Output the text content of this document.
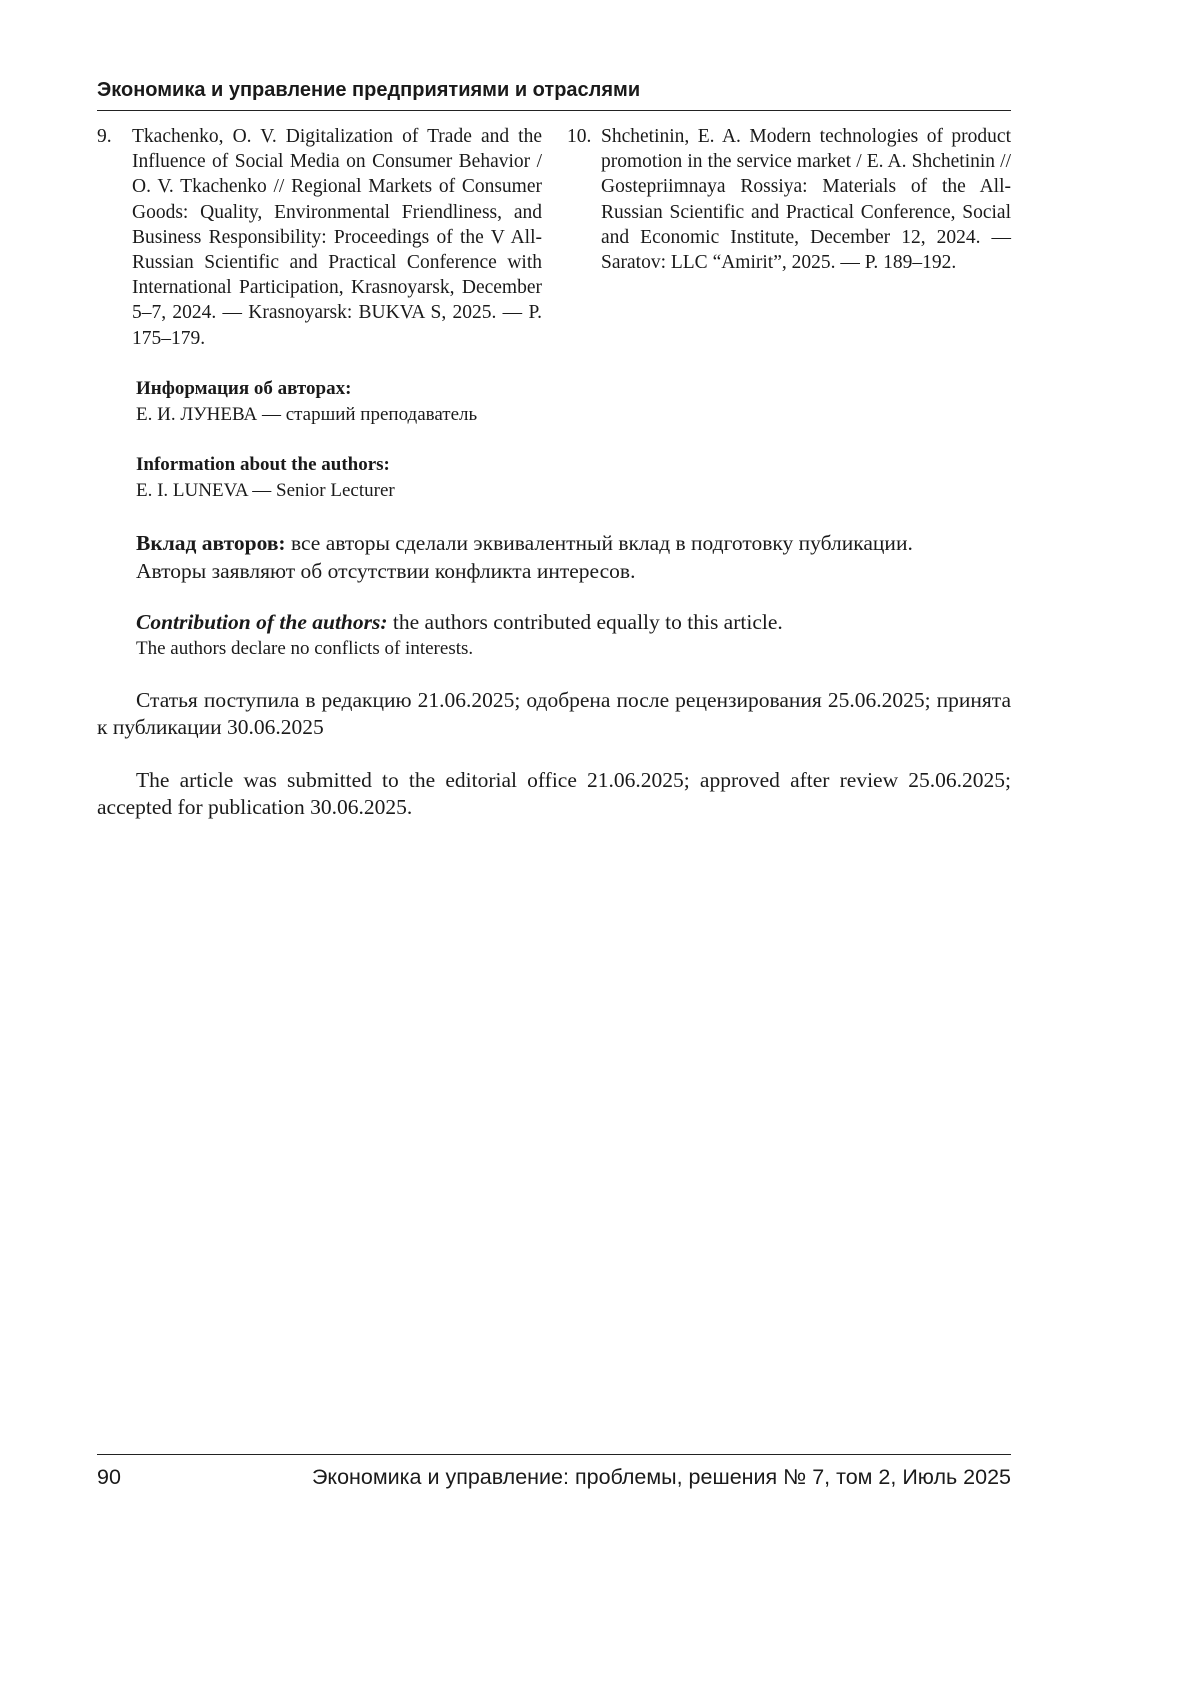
Экономика и управление предприятиями и отраслями
9. Tkachenko, O. V. Digitalization of Trade and the Influence of Social Media on Consumer Behavior / O. V. Tkachenko // Regional Markets of Consumer Goods: Quality, Environmental Friendliness, and Business Responsibility: Proceedings of the V All-Russian Scientific and Practical Conference with International Participation, Krasnoyarsk, December 5–7, 2024. — Krasnoyarsk: BUKVA S, 2025. — P. 175–179.
10. Shchetinin, E. A. Modern technologies of product promotion in the service market / E. A. Shchetinin // Gostepriimnaya Rossiya: Materials of the All-Russian Scientific and Practical Conference, Social and Economic Institute, December 12, 2024. — Saratov: LLC “Amirit”, 2025. — P. 189–192.
Информация об авторах:
Е. И. ЛУНЕВА — старший преподаватель
Information about the authors:
E. I. LUNEVA — Senior Lecturer
Вклад авторов: все авторы сделали эквивалентный вклад в подготовку публикации.
Авторы заявляют об отсутствии конфликта интересов.
Contribution of the authors: the authors contributed equally to this article.
The authors declare no conflicts of interests.
Статья поступила в редакцию 21.06.2025; одобрена после рецензирования 25.06.2025; принята к публикации 30.06.2025
The article was submitted to the editorial office 21.06.2025; approved after review 25.06.2025; accepted for publication 30.06.2025.
90	Экономика и управление: проблемы, решения № 7, том 2, Июль 2025
